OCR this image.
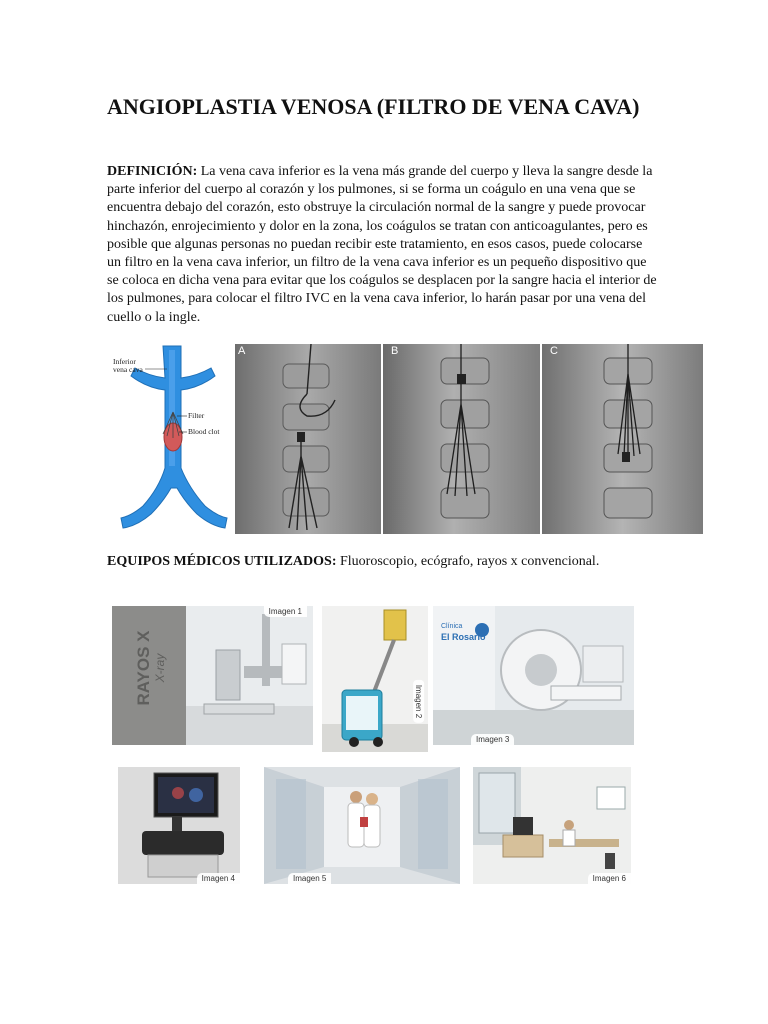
ANGIOPLASTIA VENOSA (FILTRO DE VENA CAVA)

DEFINICIÓN: La vena cava inferior es la vena más grande del cuerpo y lleva la sangre desde la parte inferior del cuerpo al corazón y los pulmones, si se forma un coágulo en una vena que se encuentra debajo del corazón, esto obstruye la circulación normal de la sangre y puede provocar hinchazón, enrojecimiento y dolor en la zona, los coágulos se tratan con anticoagulantes, pero es posible que algunas personas no puedan recibir este tratamiento, en esos casos, puede colocarse un filtro en la vena cava inferior, un filtro de la vena cava inferior es un pequeño dispositivo que se coloca en dicha vena para evitar que los coágulos se desplacen por la sangre hacia el interior de los pulmones, para colocar el filtro IVC en la vena cava inferior, lo harán pasar por una vena del cuello o la ingle.

Inferior vena cava
Filter
Blood clot
A	B	C

EQUIPOS MÉDICOS UTILIZADOS: Fluoroscopio, ecógrafo, rayos x convencional.

RAYOS X X-ray
Imagen 1
Imagen 2
Clínica
El Rosario
Imagen 3
Imagen 4	Imagen 5	Imagen 6
